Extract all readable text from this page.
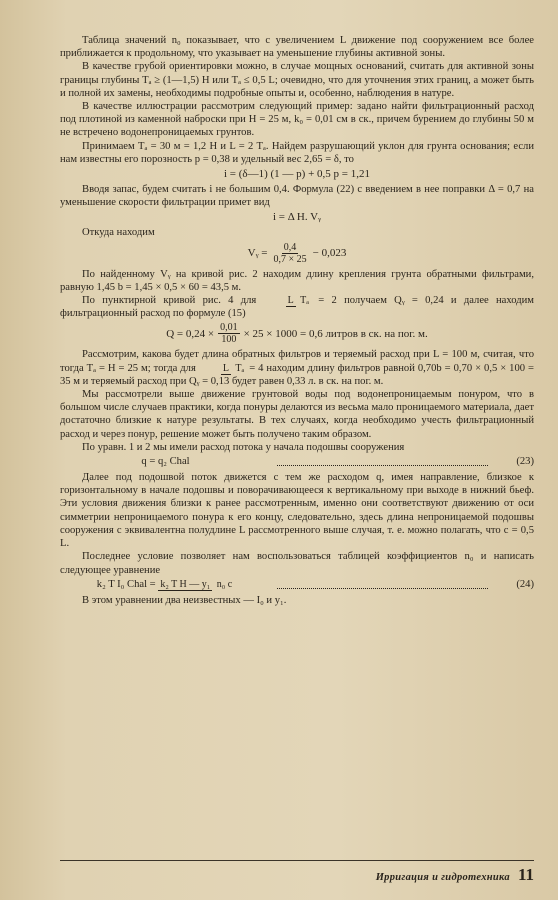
Таблица значений n₀ показывает, что с увеличением L движение под сооружением все более приближается к продольному, что указывает на уменьшение глубины активной зоны.

В качестве грубой ориентировки можно, в случае мощных оснований, считать для активной зоны границы глубины Тₐ ≥ (1—1,5) Н или Tₐ ≤ 0,5 L; очевидно, что для уточнения этих границ, а может быть и полной их замены, необходимы подробные опыты и, особенно, наблюдения в натуре.

В качестве иллюстрации рассмотрим следующий пример: задано найти фильтрационный расход под плотиной из каменной наброски при Н = 25 м, k₀ = 0,01 см в ск., причем бурением до глубины 50 м не встречено водонепроницаемых грунтов.

Принимаем Тₐ = 30 м = 1,2 Н и L = 2 Тₐ. Найдем разрушающий уклон для грунта основания; если нам известны его порозность p = 0,38 и удельный вес 2,65 = δ, то

i = (δ—1) (1 — p) + 0,5 p = 1,21

Вводя запас, будем считать i не большим 0,4. Формула (22) с введением в нее поправки Δ = 0,7 на уменьшение скорости фильтрации примет вид

i = Δ H. Vᵧ

Откуда находим

Vᵧ = $\frac{0,4}{0,7 \times 25} - 0,023$

По найденному Vᵧ на кривой рис. 2 находим длину крепления грунта обратными фильтрами, равную 1,45 b = 1,45 × 0,5 × 60 = 43,5 м.

По пунктирной кривой рис. 4 для	L Tₐ = 2 получаем Qᵧ = 0,24 и далее находим фильтрационный расход по формуле (15)

$Q = 0,24 \times \frac{0,01}{100} \times 25 \times 1000 = 0,6$ литров в ск. на пог. м.

Рассмотрим, какова будет длина обратных фильтров и теряемый расход при L = 100 м, считая, что тогда Tₐ = H = 25 м; тогда для	L Tₐ = 4 находим длину фильтров равной 0,70b = 0,70 × 0,5 × 100 = 35 м и теряемый расход при Qᵧ = 0,13 будет равен 0,33 л. в ск. на пог. м.

Мы рассмотрели выше движение грунтовой воды под водонепроницаемым понуром, что в большом числе случаев практики, когда понуры делаются из весьма мало проницаемого материала, дает достаточно близкие к натуре результаты. В тех случаях, когда необходимо учесть фильтрационный расход и через понур, решение может быть получено таким образом.

По уравн. 1 и 2 мы имели расход потока у начала подошвы сооружения

q = q₂ Chal	(23)

Далее под подошвой поток движется с тем же расходом q, имея направление, близкое к горизонтальному в начале подошвы и поворачивающееся к вертикальному при выходе в нижний бьеф. Эти условия движения близки к ранее рассмотренным, именно они соответствуют движению от оси симметрии непроницаемого понура к его концу, следовательно, здесь длина непроницаемой подошвы сооружения с эквивалентна полудлине L рассмотренного выше случая, т. е. можно полагать, что c = 0,5 L.

Последнее условие позволяет нам воспользоваться таблицей коэффициентов n₀ и написать следующее уравнение

k₂ T I₀ Chal = k₂ T H — y₁ n₀ c	(24)

В этом уравнении два неизвестных — I₀ и y₁.

Ирригация и гидротехника 11
